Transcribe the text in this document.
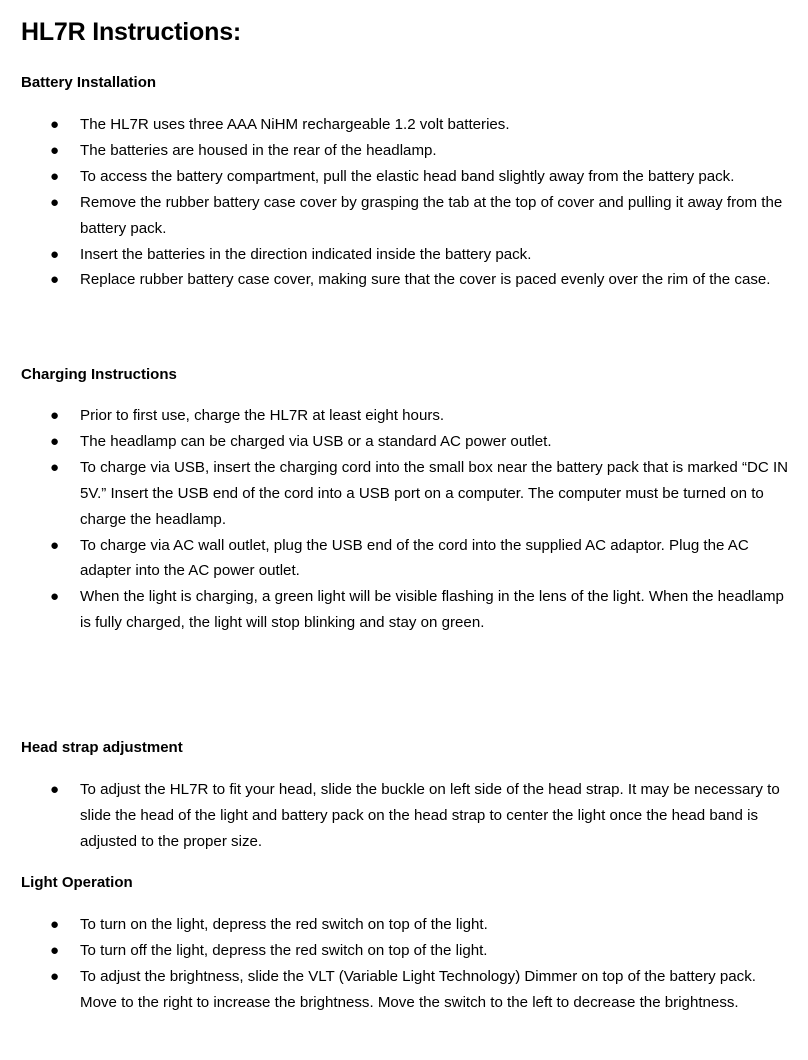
HL7R Instructions:
Battery Installation
● The HL7R uses three AAA NiHM rechargeable 1.2 volt batteries.
● The batteries are housed in the rear of the headlamp.
● To access the battery compartment, pull the elastic head band slightly away from the battery pack.
● Remove the rubber battery case cover by grasping the tab at the top of cover and pulling it away from the battery pack.
● Insert the batteries in the direction indicated inside the battery pack.
● Replace rubber battery case cover, making sure that the cover is paced evenly over the rim of the case.
Charging Instructions
● Prior to first use, charge the HL7R at least eight hours.
● The headlamp can be charged via USB or a standard AC power outlet.
● To charge via USB, insert the charging cord into the small box near the battery pack that is marked “DC IN 5V.” Insert the USB end of the cord into a USB port on a computer. The computer must be turned on to charge the headlamp.
● To charge via AC wall outlet, plug the USB end of the cord into the supplied AC adaptor. Plug the AC adapter into the AC power outlet.
● When the light is charging, a green light will be visible flashing in the lens of the light. When the headlamp is fully charged, the light will stop blinking and stay on green.
Head strap adjustment
● To adjust the HL7R to fit your head, slide the buckle on left side of the head strap. It may be necessary to slide the head of the light and battery pack on the head strap to center the light once the head band is adjusted to the proper size.
Light Operation
● To turn on the light, depress the red switch on top of the light.
● To turn off the light, depress the red switch on top of the light.
● To adjust the brightness, slide the VLT (Variable Light Technology) Dimmer on top of the battery pack. Move to the right to increase the brightness. Move the switch to the left to decrease the brightness.
